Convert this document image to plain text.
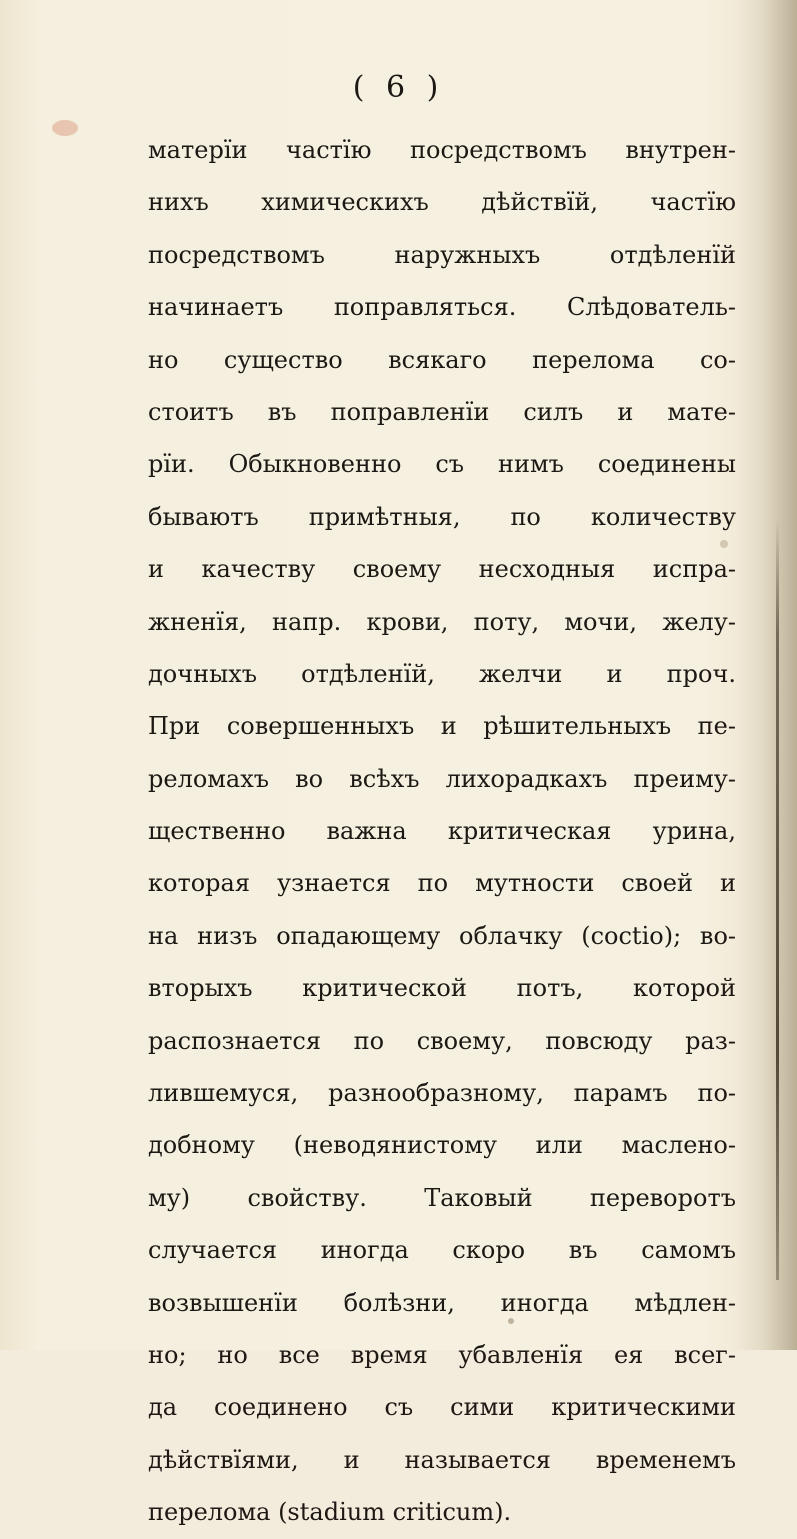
( 6 )
матерїи частїю посредствомъ внутрен-
нихъ химическихъ дѣйствїй, частїю
посредствомъ наружныхъ отдѣленїй
начинаетъ поправляться. Слѣдователь-
но существо всякаго перелома со-
стоитъ въ поправленїи силъ и мате-
рїи. Обыкновенно съ нимъ соединены
бываютъ примѣтныя, по количеству
и качеству своему несходныя испра-
жненїя, напр. крови, поту, мочи, желу-
дочныхъ отдѣленїй, желчи и проч.
При совершенныхъ и рѣшительныхъ пе-
реломахъ во всѣхъ лихорадкахъ преиму-
щественно важна критическая урина,
которая узнается по мутности своей и
на низъ опадающему облачку (coctio); во-
вторыхъ критической потъ, которой
распознается по своему, повсюду раз-
лившемуся, разнообразному, парамъ по-
добному (неводянистому или маслено-
му) свойству. Таковый переворотъ
случается иногда скоро въ самомъ
возвышенїи болѣзни, иногда мѣдлен-
но; но все время убавленїя ея всег-
да соединено съ сими критическими
дѣйствїями, и называется временемъ
перелома (stadium criticum).
